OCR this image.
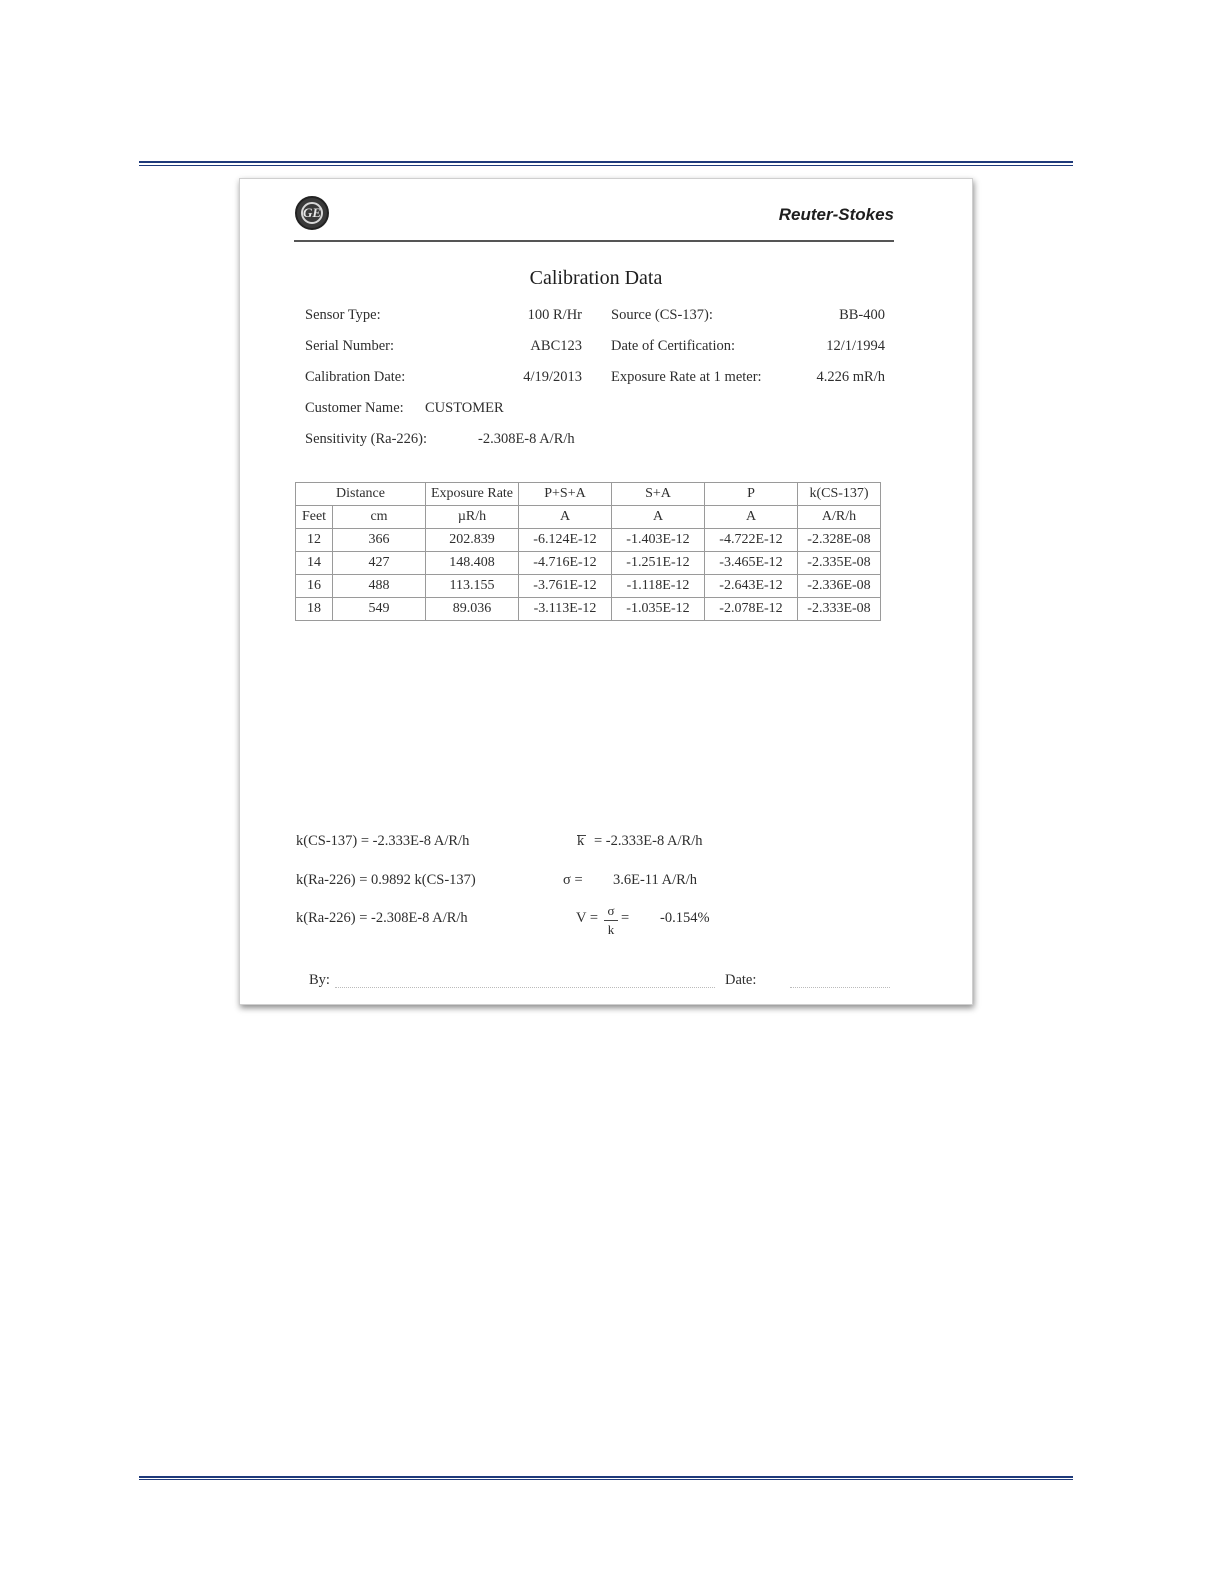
GE	Reuter-Stokes
Calibration Data
Sensor Type:	100 R/Hr Source (CS-137):	BB-400
Serial Number:	ABC123 Date of Certification:	12/1/1994
Calibration Date:	4/19/2013 Exposure Rate at 1 meter:	4.226 mR/h
Customer Name: CUSTOMER
Sensitivity (Ra-226):	-2.308E-8 A/R/h
Distance		Exposure Rate	P+S+A	S+A	P	k(CS-137)
Feet	cm	µR/h	A	A	A	A/R/h
12	366	202.839	-6.124E-12	-1.403E-12	-4.722E-12	-2.328E-08
14	427	148.408	-4.716E-12	-1.251E-12	-3.465E-12	-2.335E-08
16	488	113.155	-3.761E-12	-1.118E-12	-2.643E-12	-2.336E-08
18	549	89.036	-3.113E-12	-1.035E-12	-2.078E-12	-2.333E-08
k(CS-137) = -2.333E-8 A/R/h
k(Ra-226) = 0.9892 k(CS-137)
k(Ra-226) = -2.308E-8 A/R/h
k = -2.333E-8 A/R/h
σ = 3.6E-11 A/R/h
V = σ
k
= -0.154%
By:	Date:
